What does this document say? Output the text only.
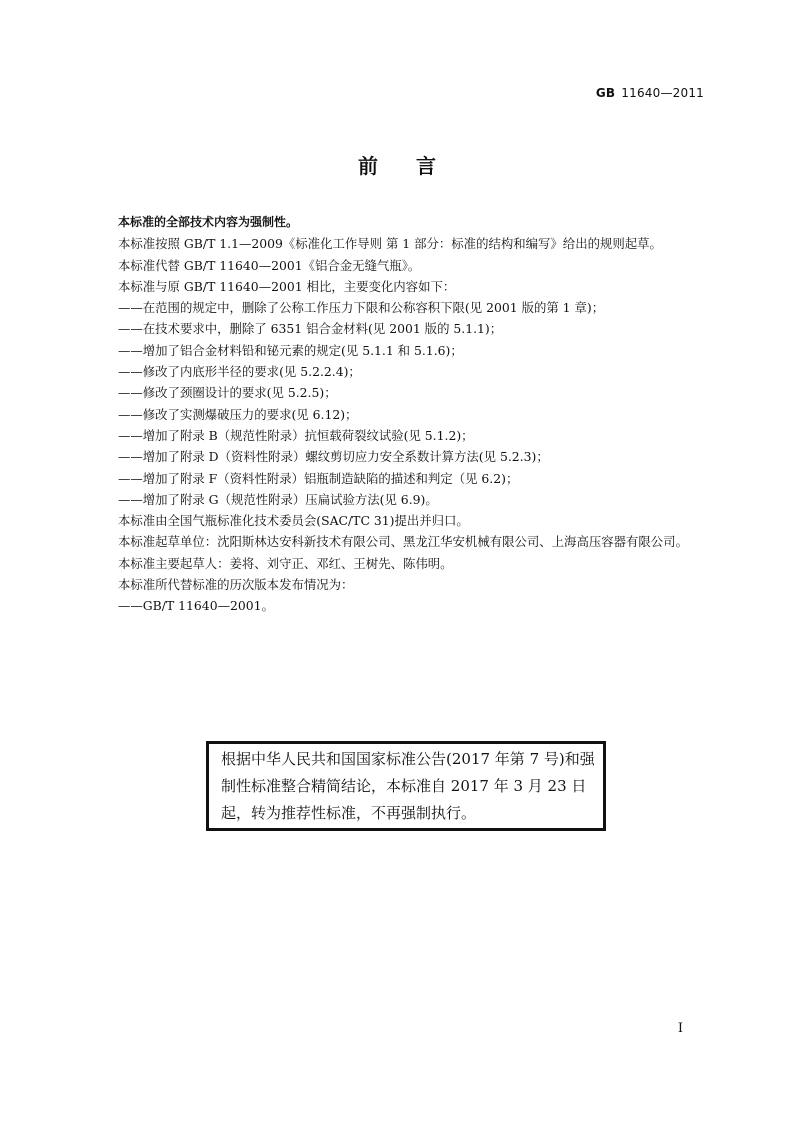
GB 11640—2011
前言

本标准的全部技术内容为强制性。

本标准按照 GB/T 1.1—2009《标准化工作导则 第 1 部分：标准的结构和编写》给出的规则起草。

本标准代替 GB/T 11640—2001《铝合金无缝气瓶》。

本标准与原 GB/T 11640—2001 相比，主要变化内容如下：

——在范围的规定中，删除了公称工作压力下限和公称容积下限(见 2001 版的第 1 章)；

——在技术要求中，删除了 6351 铝合金材料(见 2001 版的 5.1.1)；

——增加了铝合金材料铅和铋元素的规定(见 5.1.1 和 5.1.6)；

——修改了内底形半径的要求(见 5.2.2.4)；

——修改了颈圈设计的要求(见 5.2.5)；

——修改了实测爆破压力的要求(见 6.12)；

——增加了附录 B（规范性附录）抗恒载荷裂纹试验(见 5.1.2)；

——增加了附录 D（资料性附录）螺纹剪切应力安全系数计算方法(见 5.2.3)；

——增加了附录 F（资料性附录）铝瓶制造缺陷的描述和判定（见 6.2)；

——增加了附录 G（规范性附录）压扁试验方法(见 6.9)。

本标准由全国气瓶标准化技术委员会(SAC/TC 31)提出并归口。

本标准起草单位：沈阳斯林达安科新技术有限公司、黑龙江华安机械有限公司、上海高压容器有限公司。

本标准主要起草人：姜将、刘守正、邓红、王树先、陈伟明。

本标准所代替标准的历次版本发布情况为：

——GB/T 11640—2001。

根据中华人民共和国国家标准公告(2017 年第 7 号)和强制性标准整合精简结论，本标准自 2017 年 3 月 23 日起，转为推荐性标准，不再强制执行。
I
